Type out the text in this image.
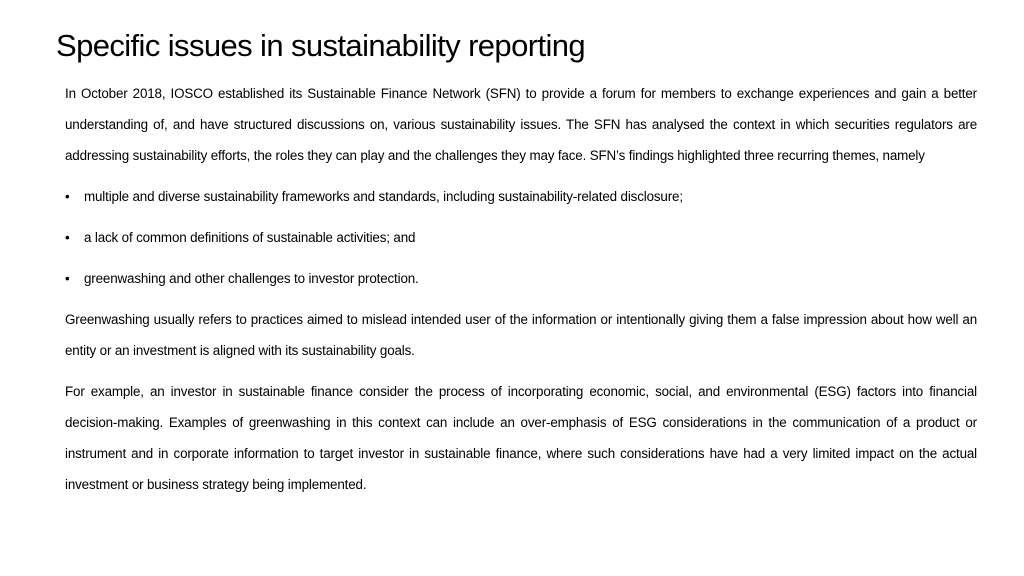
Specific issues in sustainability reporting

In October 2018, IOSCO established its Sustainable Finance Network (SFN) to provide a forum for members to exchange experiences and gain a better understanding of, and have structured discussions on, various sustainability issues. The SFN has analysed the context in which securities regulators are addressing sustainability efforts, the roles they can play and the challenges they may face. SFN’s findings highlighted three recurring themes, namely

• multiple and diverse sustainability frameworks and standards, including sustainability-related disclosure;
• a lack of common definitions of sustainable activities; and
• greenwashing and other challenges to investor protection.

Greenwashing usually refers to practices aimed to mislead intended user of the information or intentionally giving them a false impression about how well an entity or an investment is aligned with its sustainability goals.

For example, an investor in sustainable finance consider the process of incorporating economic, social, and environmental (ESG) factors into financial decision-making. Examples of greenwashing in this context can include an over-emphasis of ESG considerations in the communication of a product or instrument and in corporate information to target investor in sustainable finance, where such considerations have had a very limited impact on the actual investment or business strategy being implemented.
